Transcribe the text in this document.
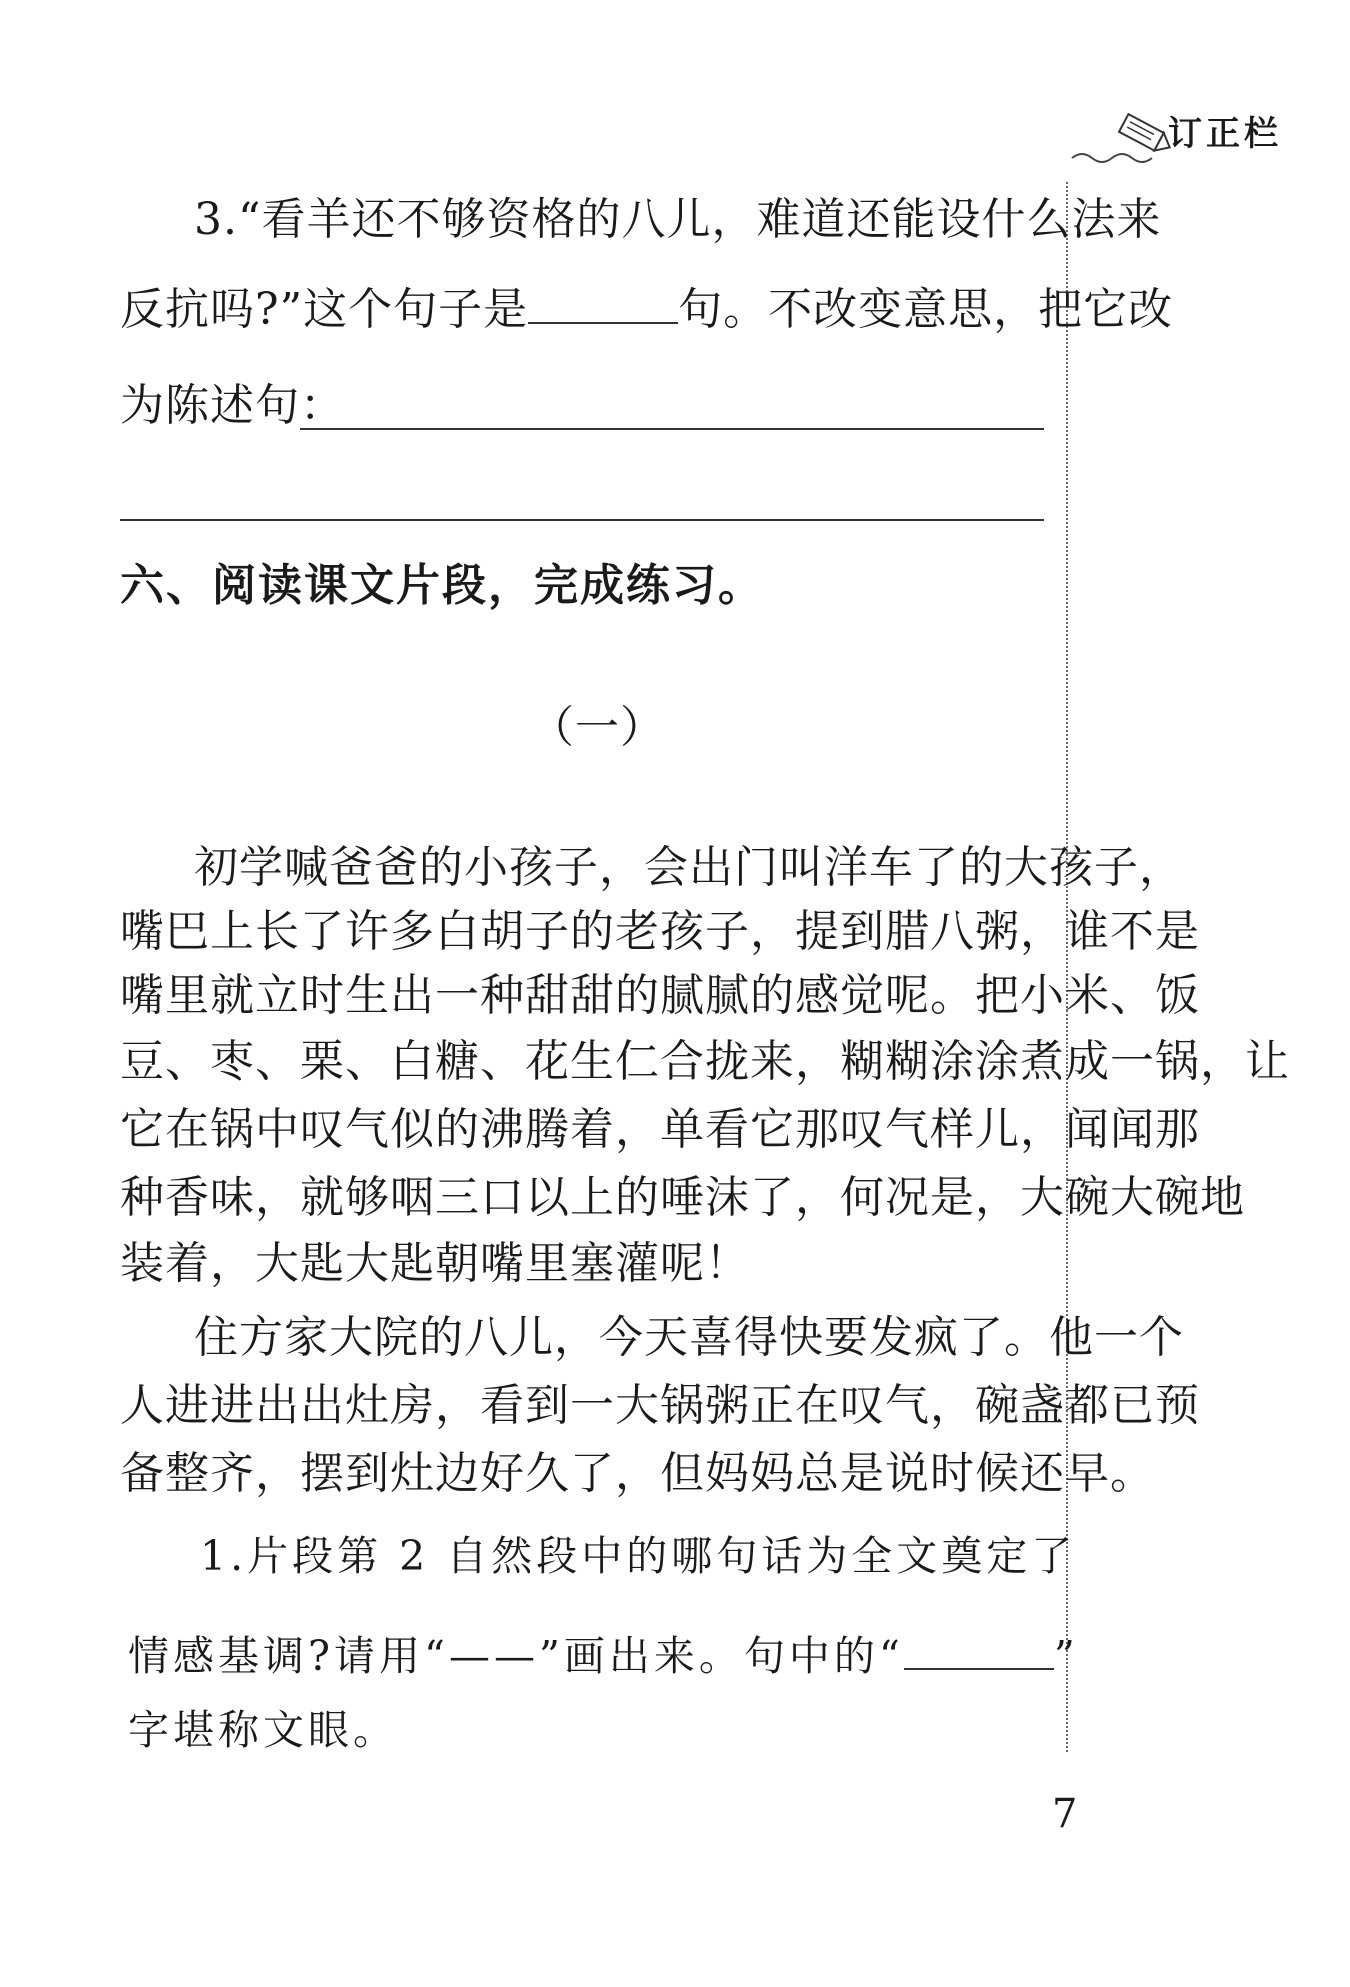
订正栏
3.“看羊还不够资格的八儿，难道还能设什么法来
反抗吗?”这个句子是	句。不改变意思，把它改
为陈述句：
六、阅读课文片段，完成练习。
（一）
初学喊爸爸的小孩子，会出门叫洋车了的大孩子，
嘴巴上长了许多白胡子的老孩子，提到腊八粥，谁不是
嘴里就立时生出一种甜甜的腻腻的感觉呢。把小米、饭
豆、枣、栗、白糖、花生仁合拢来，糊糊涂涂煮成一锅，让
它在锅中叹气似的沸腾着，单看它那叹气样儿，闻闻那
种香味，就够咽三口以上的唾沫了，何况是，大碗大碗地
装着，大匙大匙朝嘴里塞灌呢！
住方家大院的八儿，今天喜得快要发疯了。他一个
人进进出出灶房，看到一大锅粥正在叹气，碗盏都已预
备整齐，摆到灶边好久了，但妈妈总是说时候还早。
1.片段第 2 自然段中的哪句话为全文奠定了
情感基调?请用“——”画出来。句中的“	”
字堪称文眼。
7
